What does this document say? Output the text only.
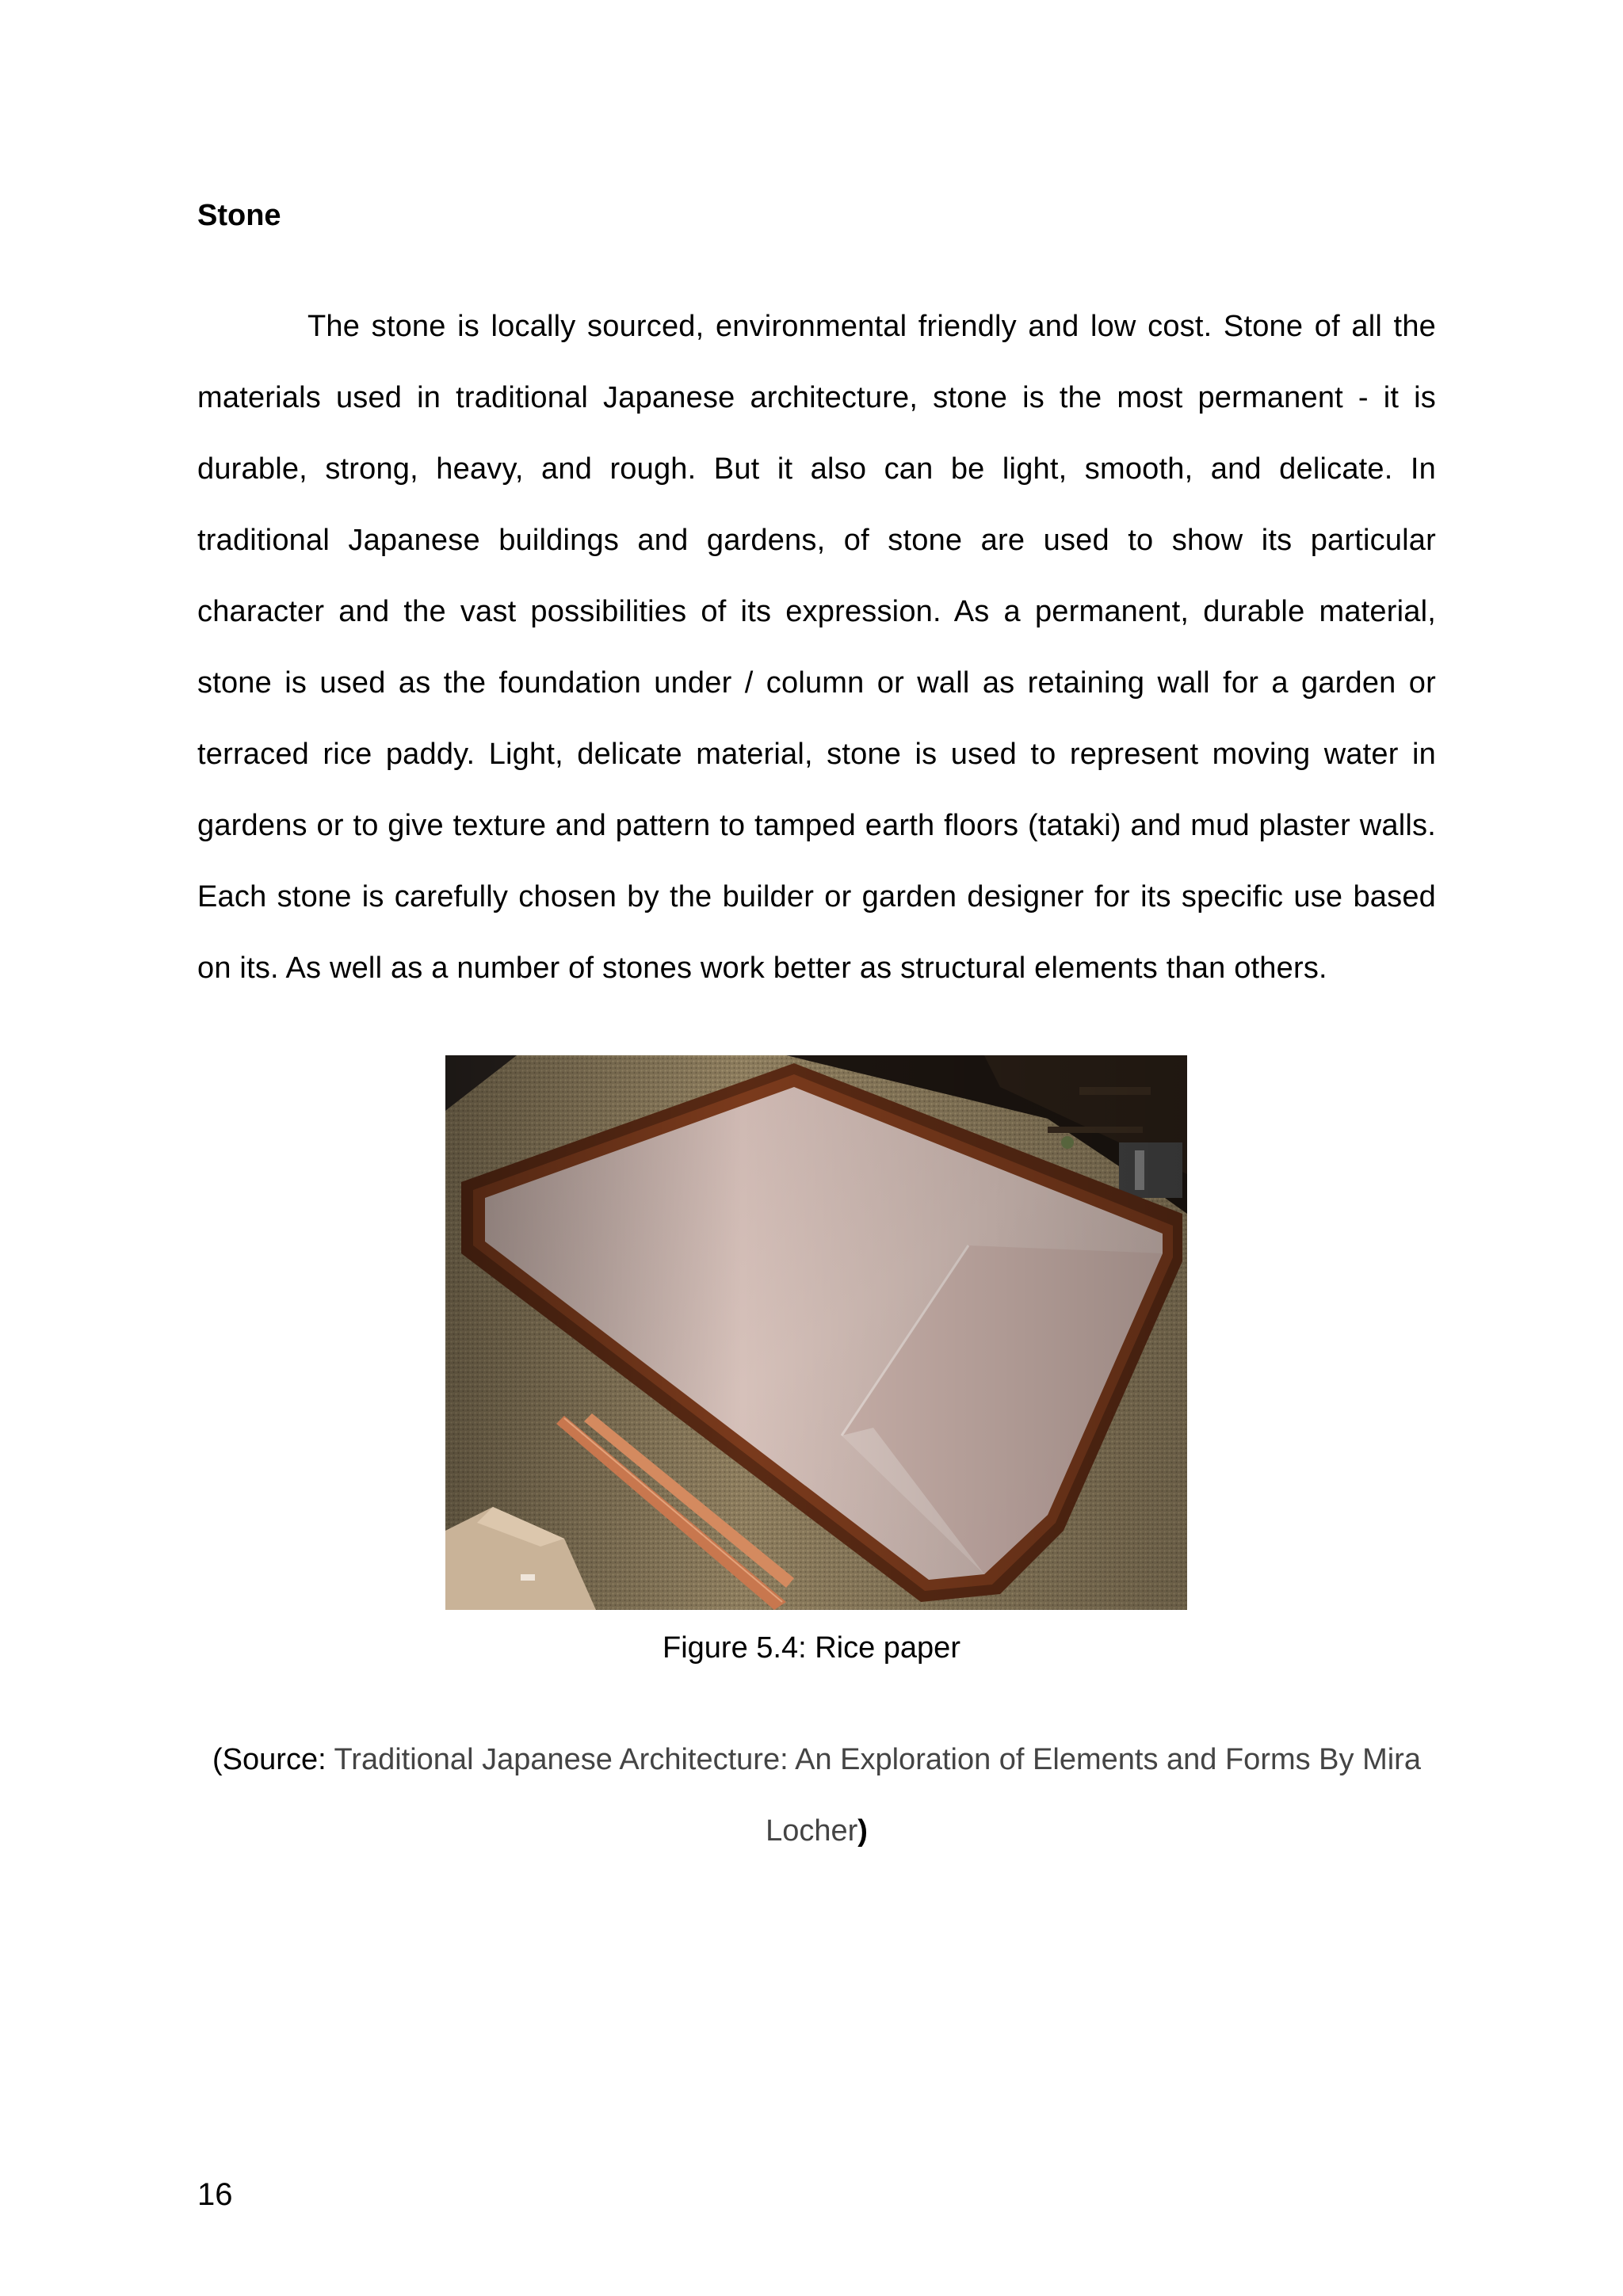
Stone

The stone is locally sourced, environmental friendly and low cost. Stone of all the materials used in traditional Japanese architecture, stone is the most permanent - it is durable, strong, heavy, and rough. But it also can be light, smooth, and delicate. In traditional Japanese buildings and gardens, of stone are used to show its particular character and the vast possibilities of its expression. As a permanent, durable material, stone is used as the foundation under / column or wall as retaining wall for a garden or terraced rice paddy. Light, delicate material, stone is used to represent moving water in gardens or to give texture and pattern to tamped earth floors (tataki) and mud plaster walls. Each stone is carefully chosen by the builder or garden designer for its specific use based on its. As well as a number of stones work better as structural elements than others.

Figure 5.4: Rice paper

(Source: Traditional Japanese Architecture: An Exploration of Elements and Forms By Mira Locher)

16
